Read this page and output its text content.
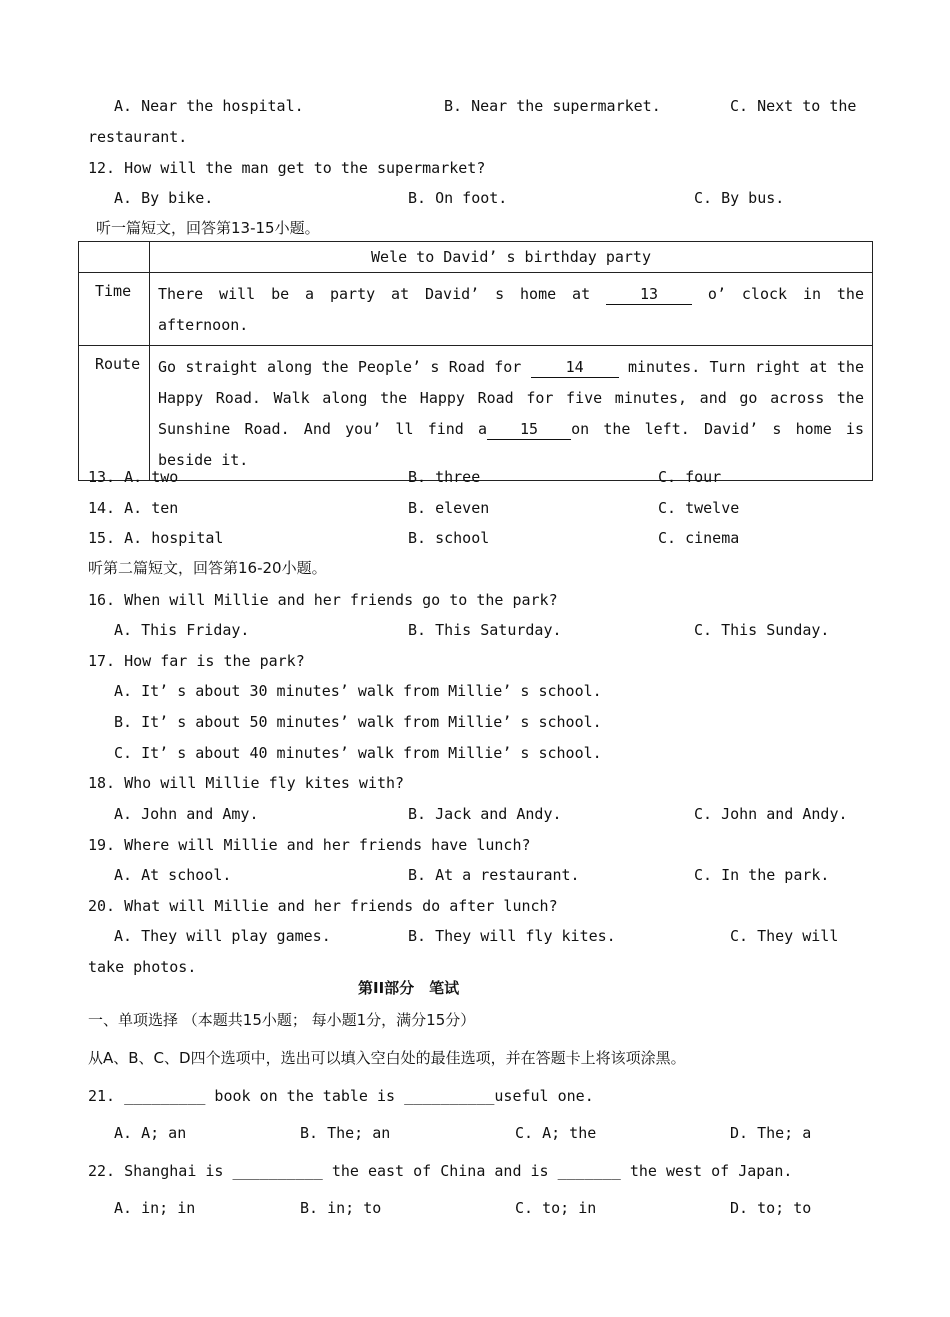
A. Near the hospital.	B. Near the supermarket.	C. Next to the
restaurant.
12. How will the man get to the supermarket?
A. By bike.	B. On foot.	C. By bus.
听一篇短文，回答第13-15小题。
	Wele to David’ s birthday party
Time	There will be a party at David’ s home at 13 o’ clock in the afternoon.
Route	Go straight along the People’ s Road for 14 minutes. Turn right at the Happy Road. Walk along the Happy Road for five minutes, and go across the Sunshine Road. And you’ ll find a 15 on the left. David’ s home is beside it.
13. A. two	B. three	C. four
14. A. ten	B. eleven	C. twelve
15. A. hospital	B. school	C. cinema
听第二篇短文，回答第16-20小题。
16. When will Millie and her friends go to the park?
A. This Friday.	B. This Saturday.	C. This Sunday.
17. How far is the park?
A. It’ s about 30 minutes’ walk from Millie’ s school.
B. It’ s about 50 minutes’ walk from Millie’ s school.
C. It’ s about 40 minutes’ walk from Millie’ s school.
18. Who will Millie fly kites with?
A. John and Amy.	B. Jack and Andy.	C. John and Andy.
19. Where will Millie and her friends have lunch?
A. At school.	B. At a restaurant.	C. In the park.
20. What will Millie and her friends do after lunch?
A. They will play games.	B. They will fly kites.	C. They will
take photos.
第II部分　笔试
一、单项选择 （本题共15小题； 每小题1分，满分15分）
从A、B、C、D四个选项中，选出可以填入空白处的最佳选项，并在答题卡上将该项涂黑。
21. _________ book on the table is __________useful one.
A. A; an	B. The; an	C. A; the	D. The; a
22. Shanghai is __________ the east of China and is _______ the west of Japan.
A. in; in	B. in; to	C. to; in	D. to; to
